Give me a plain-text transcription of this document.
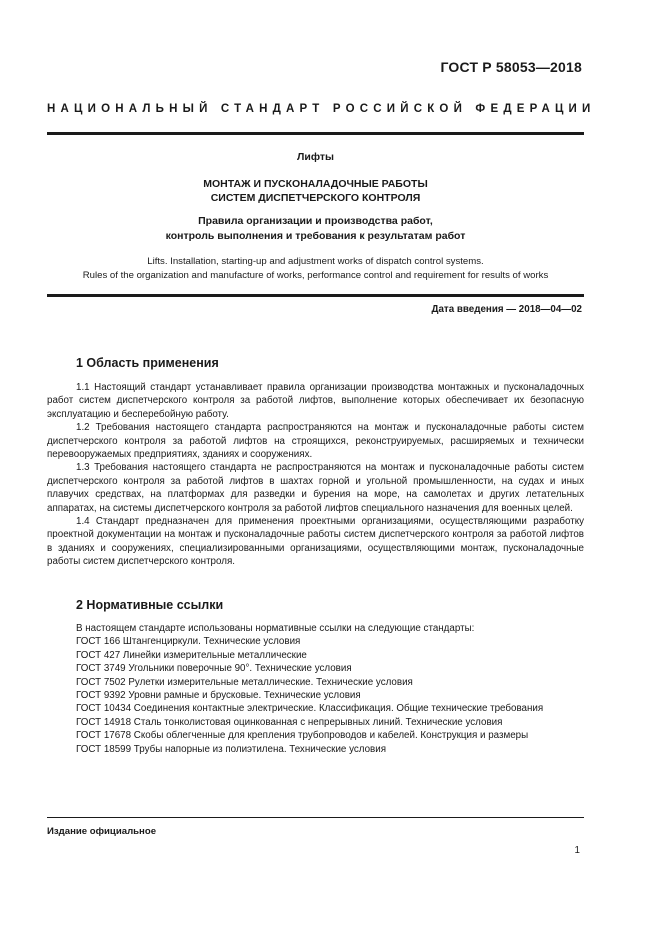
ГОСТ Р 58053—2018
НАЦИОНАЛЬНЫЙ СТАНДАРТ РОССИЙСКОЙ ФЕДЕРАЦИИ
Лифты
МОНТАЖ И ПУСКОНАЛАДОЧНЫЕ РАБОТЫ
СИСТЕМ ДИСПЕТЧЕРСКОГО КОНТРОЛЯ
Правила организации и производства работ,
контроль выполнения и требования к результатам работ
Lifts. Installation, starting-up and adjustment works of dispatch control systems.
Rules of the organization and manufacture of works, performance control and requirement for results of works
Дата введения — 2018—04—02
1 Область применения

1.1 Настоящий стандарт устанавливает правила организации производства монтажных и пусконаладочных работ систем диспетчерского контроля за работой лифтов, выполнение которых обеспечивает их безопасную эксплуатацию и бесперебойную работу.

1.2 Требования настоящего стандарта распространяются на монтаж и пусконаладочные работы систем диспетчерского контроля за работой лифтов на строящихся, реконструируемых, расширяемых и технически перевооружаемых предприятиях, зданиях и сооружениях.

1.3 Требования настоящего стандарта не распространяются на монтаж и пусконаладочные работы систем диспетчерского контроля за работой лифтов в шахтах горной и угольной промышленности, на судах и иных плавучих средствах, на платформах для разведки и бурения на море, на самолетах и других летательных аппаратах, на системы диспетчерского контроля за работой лифтов специального назначения для военных целей.

1.4 Стандарт предназначен для применения проектными организациями, осуществляющими разработку проектной документации на монтаж и пусконаладочные работы систем диспетчерского контроля за работой лифтов в зданиях и сооружениях, специализированными организациями, осуществляющими монтаж, пусконаладочные работы систем диспетчерского контроля.

2 Нормативные ссылки
В настоящем стандарте использованы нормативные ссылки на следующие стандарты:
ГОСТ 166 Штангенциркули. Технические условия
ГОСТ 427 Линейки измерительные металлические
ГОСТ 3749 Угольники поверочные 90°. Технические условия
ГОСТ 7502 Рулетки измерительные металлические. Технические условия
ГОСТ 9392 Уровни рамные и брусковые. Технические условия
ГОСТ 10434 Соединения контактные электрические. Классификация. Общие технические требования
ГОСТ 14918 Сталь тонколистовая оцинкованная с непрерывных линий. Технические условия
ГОСТ 17678 Скобы облегченные для крепления трубопроводов и кабелей. Конструкция и размеры
ГОСТ 18599 Трубы напорные из полиэтилена. Технические условия
Издание официальное
1
